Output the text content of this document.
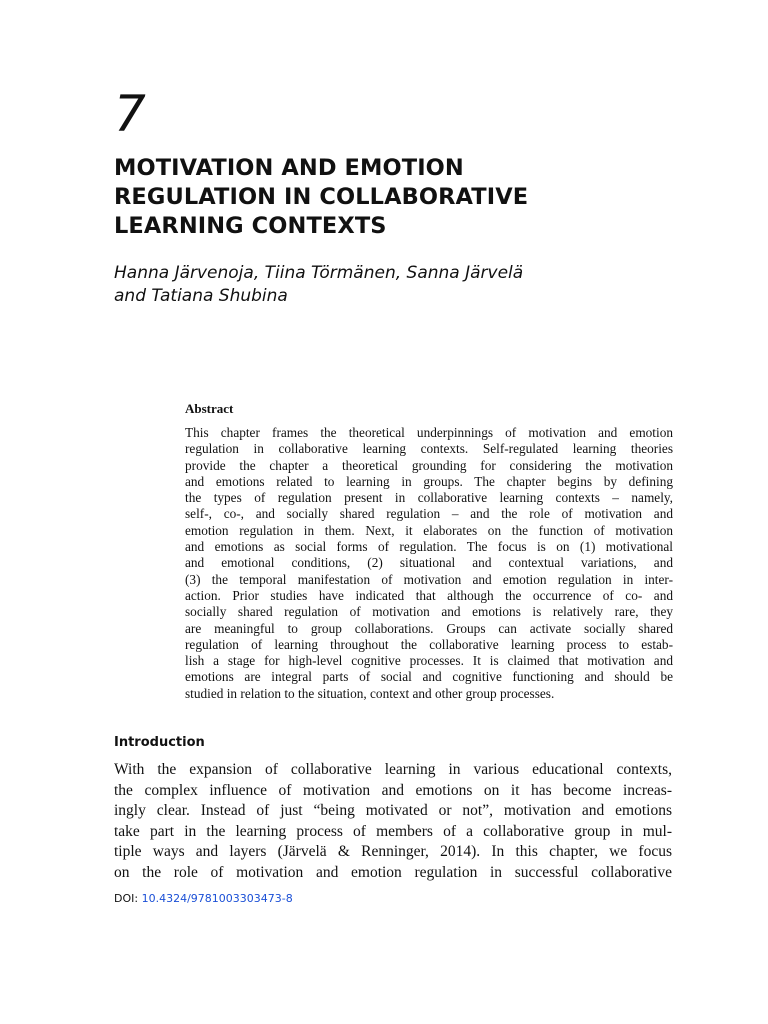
7
MOTIVATION AND EMOTION
REGULATION IN COLLABORATIVE
LEARNING CONTEXTS
Hanna Järvenoja, Tiina Törmänen, Sanna Järvelä
and Tatiana Shubina
Abstract
This chapter frames the theoretical underpinnings of motivation and emotion
regulation in collaborative learning contexts. Self-regulated learning theories
provide the chapter a theoretical grounding for considering the motivation
and emotions related to learning in groups. The chapter begins by defining
the types of regulation present in collaborative learning contexts – namely,
self-, co-, and socially shared regulation – and the role of motivation and
emotion regulation in them. Next, it elaborates on the function of motivation
and emotions as social forms of regulation. The focus is on (1) motivational
and emotional conditions, (2) situational and contextual variations, and
(3) the temporal manifestation of motivation and emotion regulation in inter-
action. Prior studies have indicated that although the occurrence of co- and
socially shared regulation of motivation and emotions is relatively rare, they
are meaningful to group collaborations. Groups can activate socially shared
regulation of learning throughout the collaborative learning process to estab-
lish a stage for high-level cognitive processes. It is claimed that motivation and
emotions are integral parts of social and cognitive functioning and should be
studied in relation to the situation, context and other group processes.
Introduction
With the expansion of collaborative learning in various educational contexts,
the complex influence of motivation and emotions on it has become increas-
ingly clear. Instead of just “being motivated or not”, motivation and emotions
take part in the learning process of members of a collaborative group in mul-
tiple ways and layers (Järvelä & Renninger, 2014). In this chapter, we focus
on the role of motivation and emotion regulation in successful collaborative
DOI: 10.4324/9781003303473-8
